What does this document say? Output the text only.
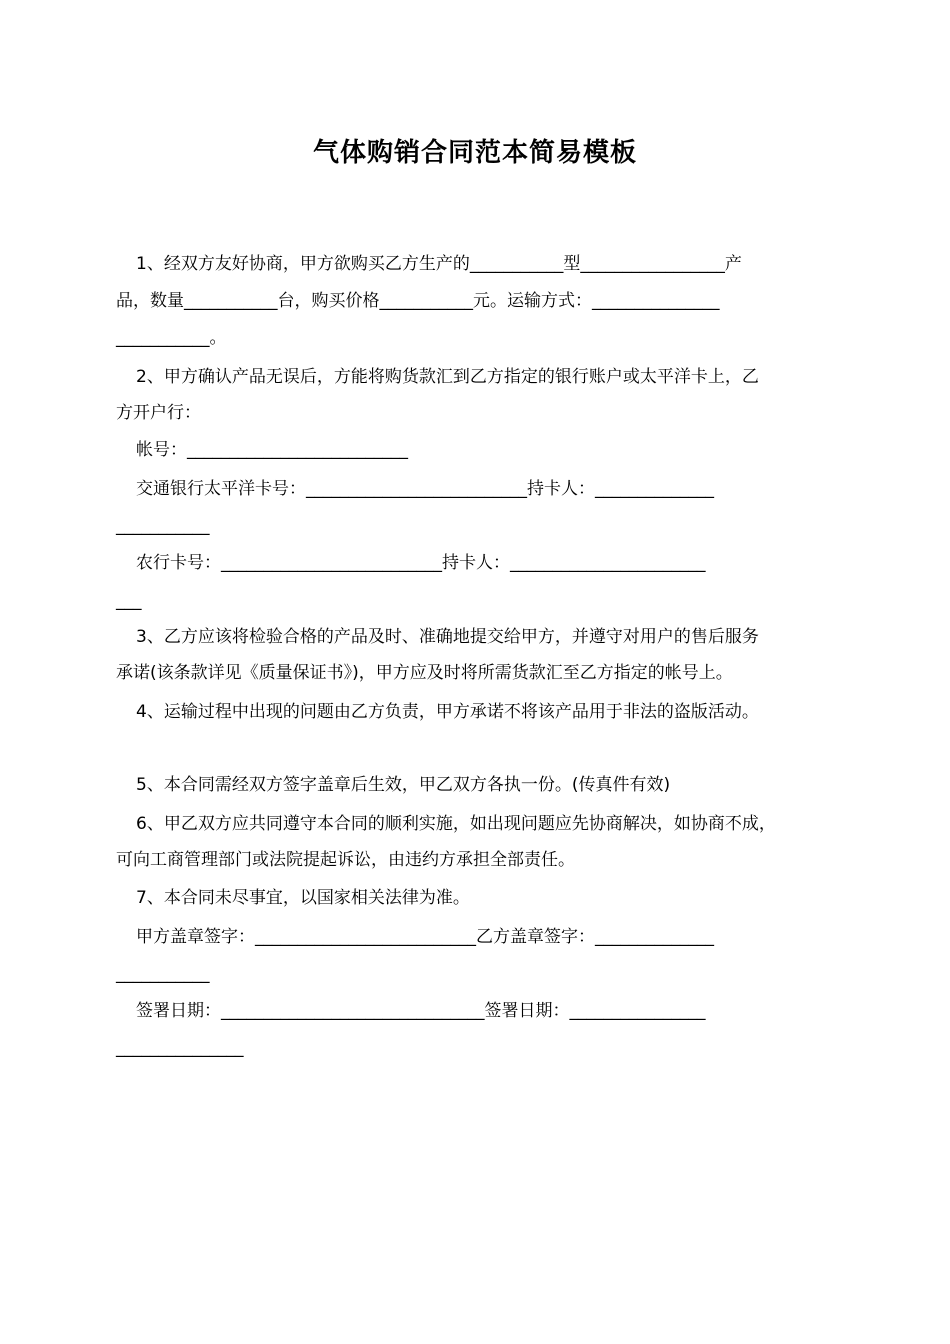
气体购销合同范本简易模板
1、经双方友好协商，甲方欲购买乙方生产的___________型_________________产
品，数量___________台，购买价格___________元。运输方式：_______________
___________。
2、甲方确认产品无误后，方能将购货款汇到乙方指定的银行账户或太平洋卡上，乙
方开户行：
帐号：__________________________
交通银行太平洋卡号：__________________________持卡人：______________
___________
农行卡号：__________________________持卡人：_______________________
___
3、乙方应该将检验合格的产品及时、准确地提交给甲方，并遵守对用户的售后服务
承诺(该条款详见《质量保证书》)，甲方应及时将所需货款汇至乙方指定的帐号上。
4、运输过程中出现的问题由乙方负责，甲方承诺不将该产品用于非法的盗版活动。
5、本合同需经双方签字盖章后生效，甲乙双方各执一份。(传真件有效)
6、甲乙双方应共同遵守本合同的顺利实施，如出现问题应先协商解决，如协商不成，
可向工商管理部门或法院提起诉讼，由违约方承担全部责任。
7、本合同未尽事宜，以国家相关法律为准。
甲方盖章签字：__________________________乙方盖章签字：______________
___________
签署日期：_______________________________签署日期：________________
_______________
